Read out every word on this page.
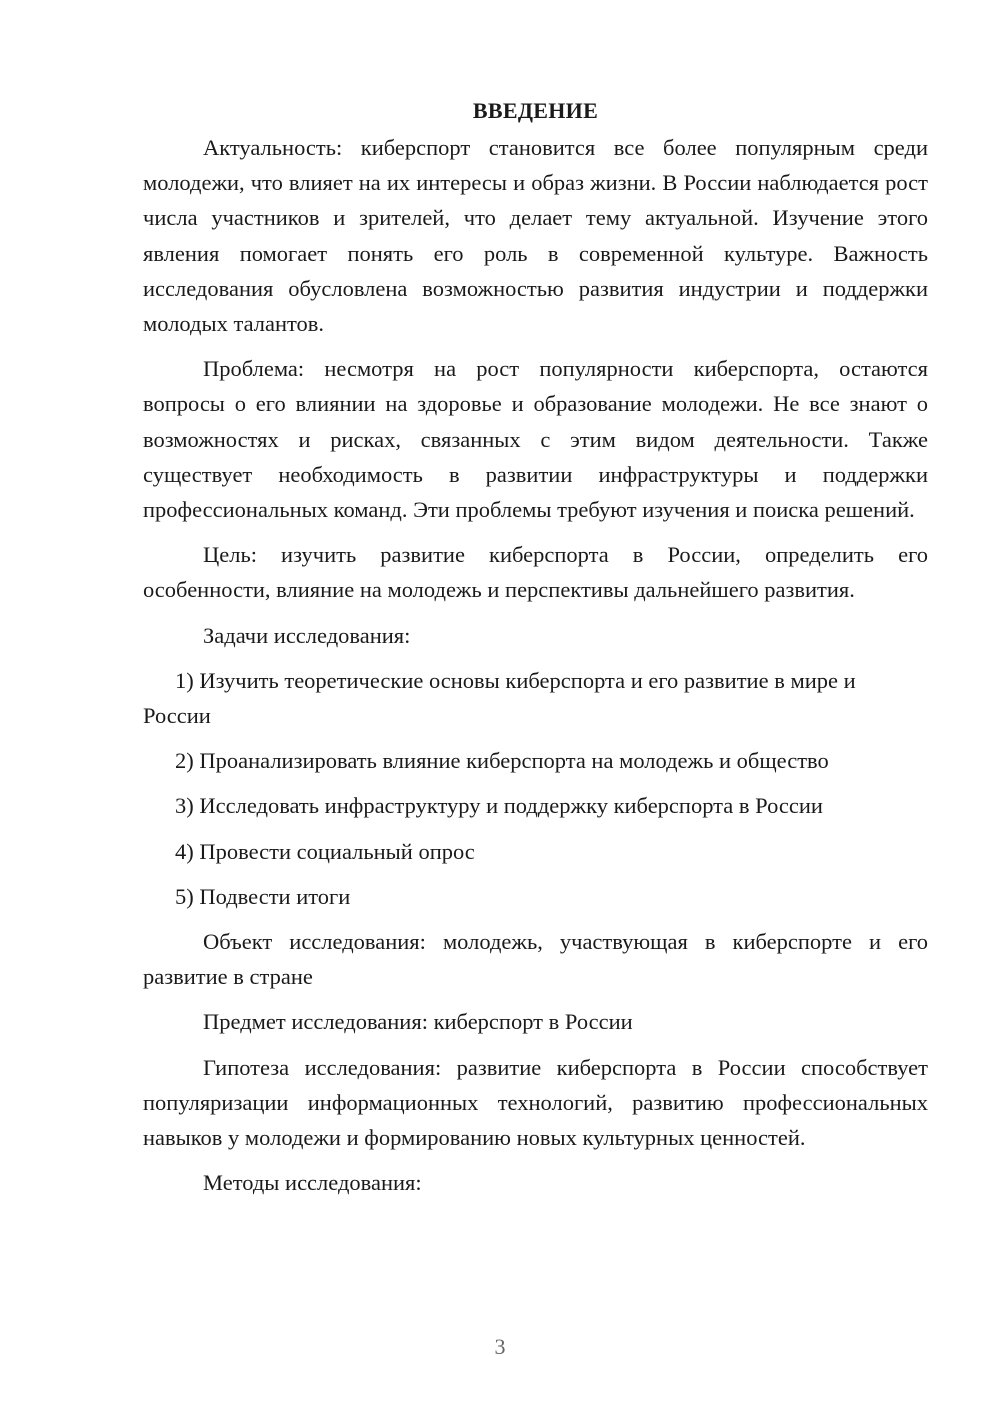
ВВЕДЕНИЕ

Актуальность: киберспорт становится все более популярным среди молодежи, что влияет на их интересы и образ жизни. В России наблюдается рост числа участников и зрителей, что делает тему актуальной. Изучение этого явления помогает понять его роль в современной культуре. Важность исследования обусловлена возможностью развития индустрии и поддержки молодых талантов.

Проблема: несмотря на рост популярности киберспорта, остаются вопросы о его влиянии на здоровье и образование молодежи. Не все знают о возможностях и рисках, связанных с этим видом деятельности. Также существует необходимость в развитии инфраструктуры и поддержки профессиональных команд. Эти проблемы требуют изучения и поиска решений.

Цель: изучить развитие киберспорта в России, определить его особенности, влияние на молодежь и перспективы дальнейшего развития.

Задачи исследования:

1) Изучить теоретические основы киберспорта и его развитие в мире и России

2) Проанализировать влияние киберспорта на молодежь и общество

3) Исследовать инфраструктуру и поддержку киберспорта в России

4) Провести социальный опрос

5) Подвести итоги

Объект исследования: молодежь, участвующая в киберспорте и его развитие в стране

Предмет исследования: киберспорт в России

Гипотеза исследования: развитие киберспорта в России способствует популяризации информационных технологий, развитию профессиональных навыков у молодежи и формированию новых культурных ценностей.

Методы исследования:

3
